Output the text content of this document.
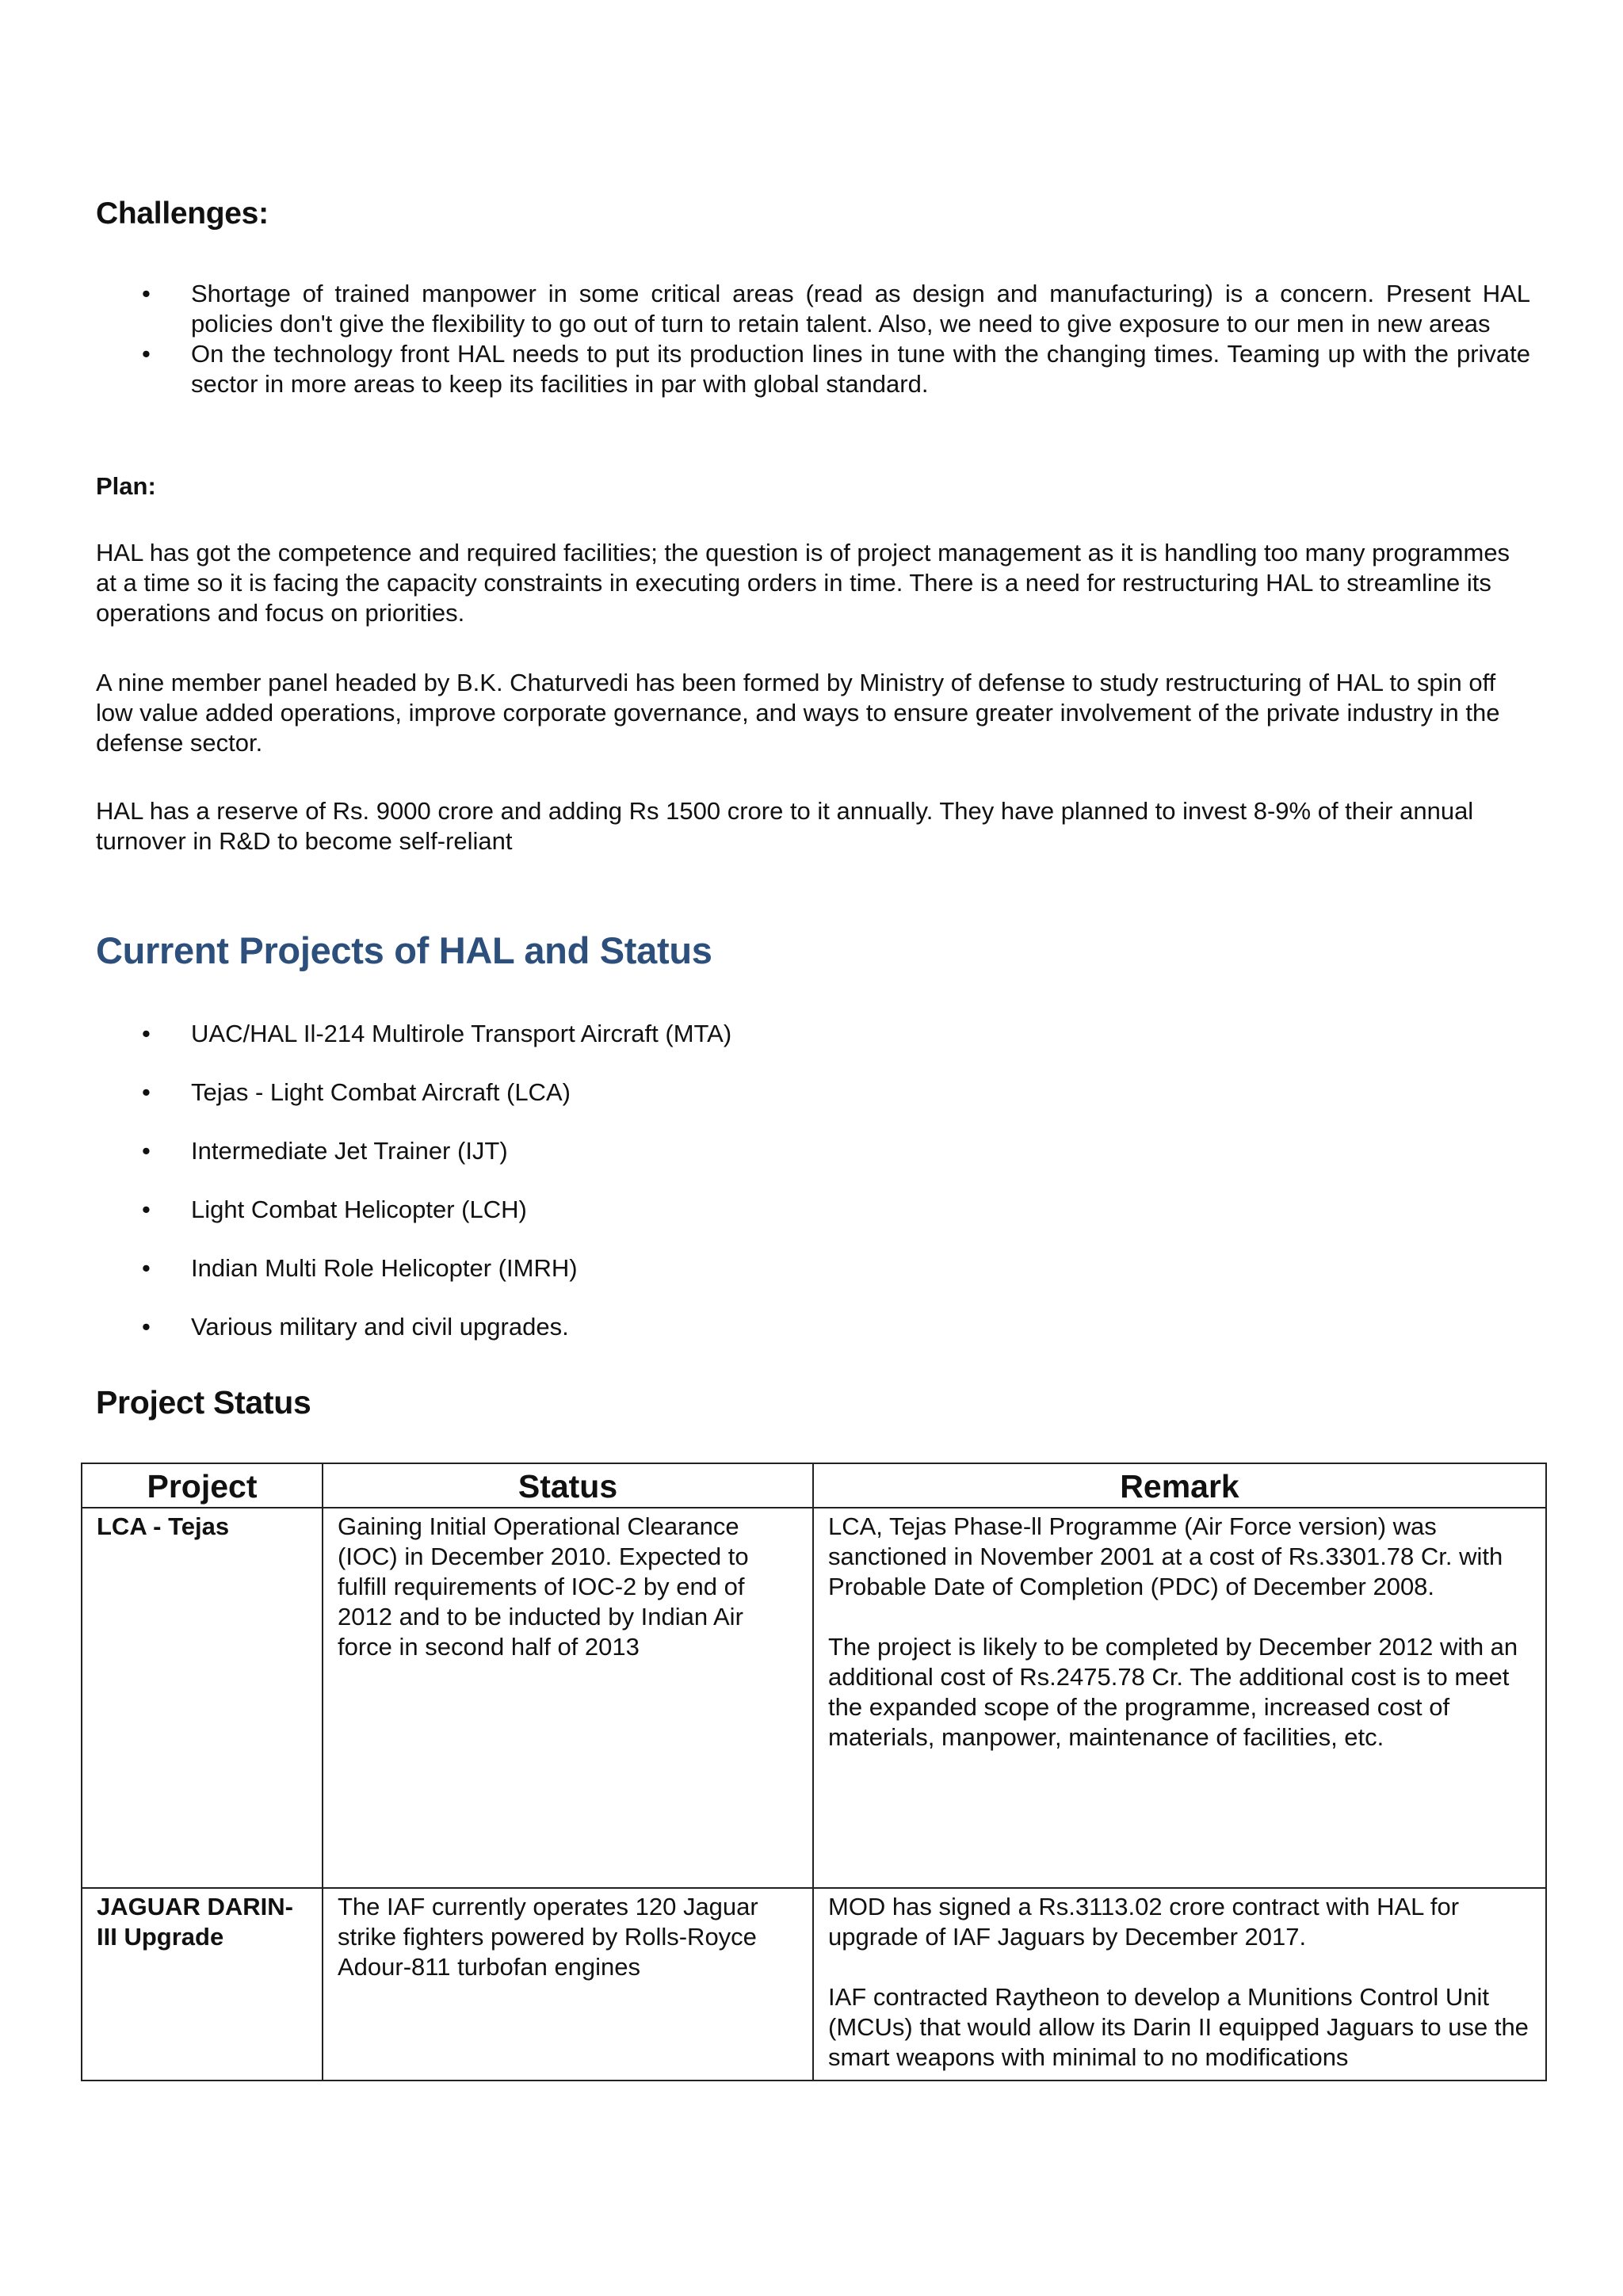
Challenges:
• Shortage of trained manpower in some critical areas (read as design and manufacturing) is a concern. Present HAL policies don't give the flexibility to go out of turn to retain talent. Also, we need to give exposure to our men in new areas
• On the technology front HAL needs to put its production lines in tune with the changing times. Teaming up with the private sector in more areas to keep its facilities in par with global standard.
Plan:

HAL has got the competence and required facilities; the question is of project management as it is handling too many programmes at a time so it is facing the capacity constraints in executing orders in time. There is a need for restructuring HAL to streamline its operations and focus on priorities.

A nine member panel headed by B.K. Chaturvedi has been formed by Ministry of defense to study restructuring of HAL to spin off low value added operations, improve corporate governance, and ways to ensure greater involvement of the private industry in the defense sector.

HAL has a reserve of Rs. 9000 crore and adding Rs 1500 crore to it annually. They have planned to invest 8-9% of their annual turnover in R&D to become self-reliant

Current Projects of HAL and Status
• UAC/HAL Il-214 Multirole Transport Aircraft (MTA)
• Tejas - Light Combat Aircraft (LCA)
• Intermediate Jet Trainer (IJT)
• Light Combat Helicopter (LCH)
• Indian Multi Role Helicopter (IMRH)
• Various military and civil upgrades.
Project Status
Project	Status	Remark
LCA - Tejas	Gaining Initial Operational Clearance (IOC) in December 2010. Expected to fulfill requirements of IOC-2 by end of 2012 and to be inducted by Indian Air force in second half of 2013	LCA, Tejas Phase-ll Programme (Air Force version) was sanctioned in November 2001 at a cost of Rs.3301.78 Cr. with Probable Date of Completion (PDC) of December 2008.

The project is likely to be completed by December 2012 with an additional cost of Rs.2475.78 Cr. The additional cost is to meet the expanded scope of the programme, increased cost of materials, manpower, maintenance of facilities, etc.

JAGUAR DARIN-III Upgrade	The IAF currently operates 120 Jaguar strike fighters powered by Rolls-Royce Adour-811 turbofan engines	MOD has signed a Rs.3113.02 crore contract with HAL for upgrade of IAF Jaguars by December 2017.

IAF contracted Raytheon to develop a Munitions Control Unit (MCUs) that would allow its Darin II equipped Jaguars to use the smart weapons with minimal to no modifications
